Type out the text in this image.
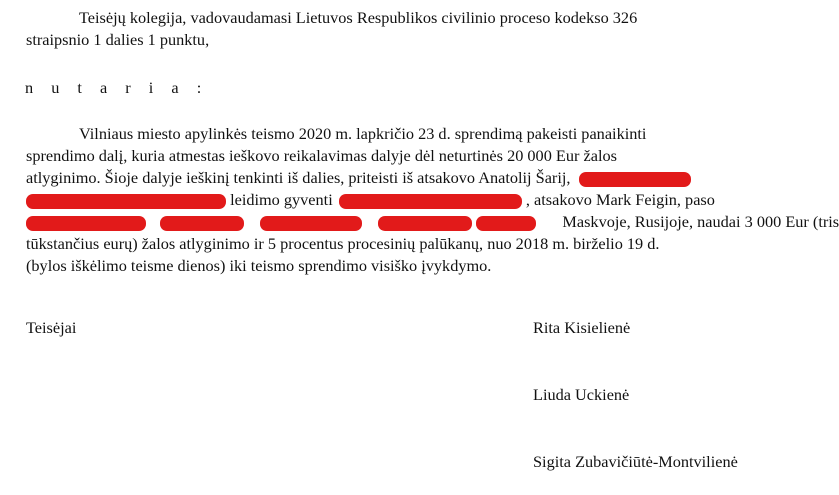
Teisėjų kolegija, vadovaudamasi Lietuvos Respublikos civilinio proceso kodekso 326
straipsnio 1 dalies 1 punktu,
n u t a r i a :
Vilniaus miesto apylinkės teismo 2020 m. lapkričio 23 d. sprendimą pakeisti panaikinti
sprendimo dalį, kuria atmestas ieškovo reikalavimas dalyje dėl neturtinės 20 000 Eur žalos
atlyginimo. Šioje dalyje ieškinį tenkinti iš dalies, priteisti iš atsakovo Anatolij Šarij,
leidimo gyventi	, atsakovo Mark Feigin, paso
Maskvoje, Rusijoje, naudai 3 000 Eur (tris
tūkstančius eurų) žalos atlyginimo ir 5 procentus procesinių palūkanų, nuo 2018 m. birželio 19 d.
(bylos iškėlimo teisme dienos) iki teismo sprendimo visiško įvykdymo.
Teisėjai	Rita Kisielienė
Liuda Uckienė
Sigita Zubavičiūtė-Montvilienė
